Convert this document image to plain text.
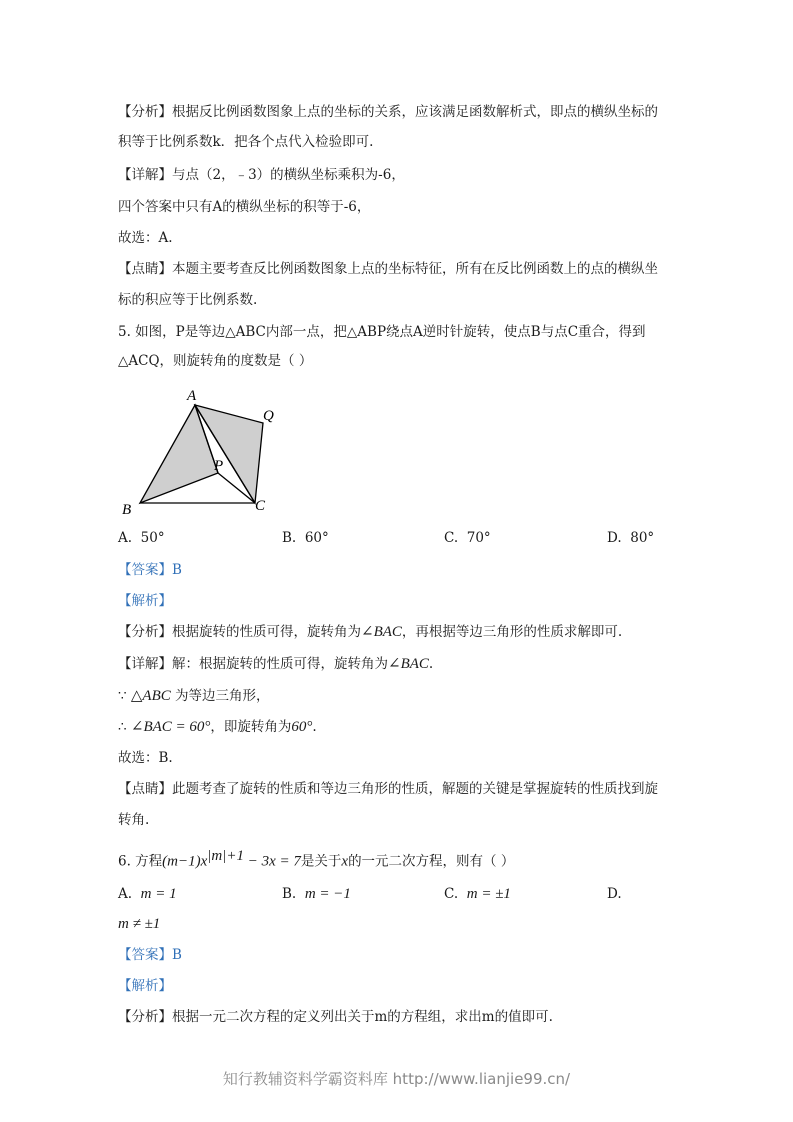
【分析】根据反比例函数图象上点的坐标的关系，应该满足函数解析式，即点的横纵坐标的
积等于比例系数k．把各个点代入检验即可.
【详解】与点（2，﹣3）的横纵坐标乘积为-6，
四个答案中只有A的横纵坐标的积等于-6，
故选：A.
【点睛】本题主要考查反比例函数图象上点的坐标特征，所有在反比例函数上的点的横纵坐
标的积应等于比例系数.
5. 如图，P是等边△ABC内部一点，把△ABP绕点A逆时针旋转，使点B与点C重合，得到
△ACQ，则旋转角的度数是（ ）
A
Q
P
B	C
A. 50°	B. 60°	C. 70°	D. 80°
【答案】B
【解析】
【分析】根据旋转的性质可得，旋转角为∠BAC，再根据等边三角形的性质求解即可.
【详解】解：根据旋转的性质可得，旋转角为∠BAC.
∵ △ABC 为等边三角形，
∴ ∠BAC = 60°，即旋转角为60°.
故选：B.
【点睛】此题考查了旋转的性质和等边三角形的性质，解题的关键是掌握旋转的性质找到旋
转角.
6. 方程$(m-1)x^{|m|+1} - 3x = 7$是关于x的一元二次方程，则有（ ）
A. m = 1	B. m = −1	C. m = ±1	D.
m ≠ ±1
【答案】B
【解析】
【分析】根据一元二次方程的定义列出关于m的方程组，求出m的值即可.
知行教辅资料学霸资料库 http://www.lianjie99.cn/
